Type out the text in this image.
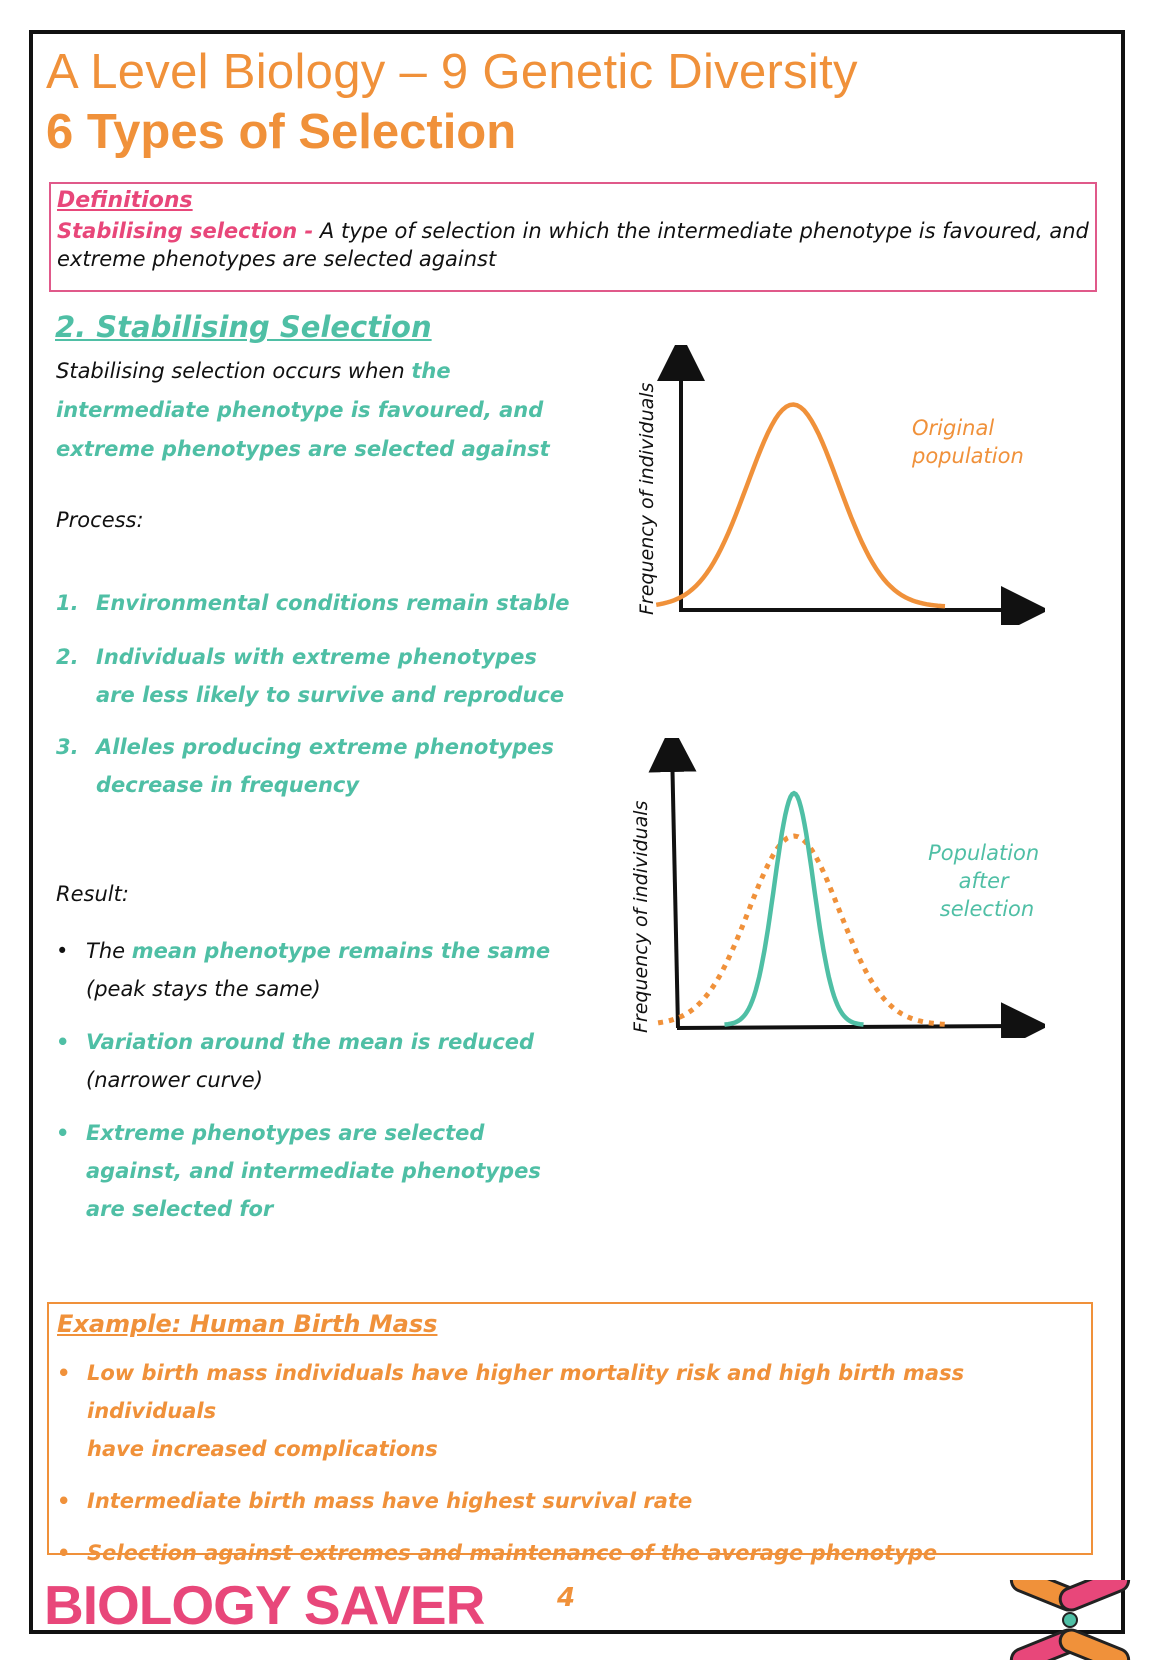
A Level Biology – 9 Genetic Diversity
6 Types of Selection
Definitions
Stabilising selection - A type of selection in which the intermediate phenotype is favoured, and extreme phenotypes are selected against
2. Stabilising Selection
Stabilising selection occurs when the intermediate phenotype is favoured, and extreme phenotypes are selected against
Process:
1. Environmental conditions remain stable
2. Individuals with extreme phenotypes
are less likely to survive and reproduce
3. Alleles producing extreme phenotypes
decrease in frequency
Result:
• The mean phenotype remains the same
(peak stays the same)
• Variation around the mean is reduced
(narrower curve)
• Extreme phenotypes are selected against, and intermediate phenotypes are selected for
Frequency of individuals	Original population
Frequency of individuals	Population after selection
Example: Human Birth Mass
• Low birth mass individuals have higher mortality risk and high birth mass individuals
have increased complications
• Intermediate birth mass have highest survival rate
• Selection against extremes and maintenance of the average phenotype
BIOLOGY SAVER	4
